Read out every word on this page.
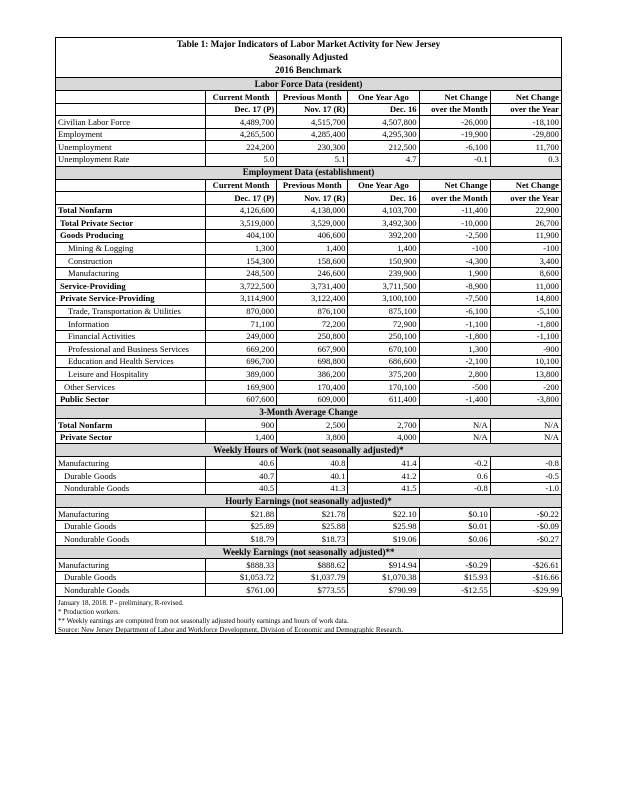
Table 1: Major Indicators of Labor Market Activity for New Jersey					
Seasonally Adjusted					
2016 Benchmark					
Labor Force Data (resident)					
	Current Month	Previous Month	One Year Ago	Net Change	Net Change
	Dec. 17 (P)	Nov. 17 (R)	Dec. 16	over the Month	over the Year
Civilian Labor Force	4,489,700	4,515,700	4,507,800	-26,000	-18,100
Employment	4,265,500	4,285,400	4,295,300	-19,900	-29,800
Unemployment	224,200	230,300	212,500	-6,100	11,700
Unemployment Rate	5.0	5.1	4.7	-0.1	0.3
Employment Data (establishment)					
	Current Month	Previous Month	One Year Ago	Net Change	Net Change
	Dec. 17 (P)	Nov. 17 (R)	Dec. 16	over the Month	over the Year
Total Nonfarm	4,126,600	4,138,000	4,103,700	-11,400	22,900
Total Private Sector	3,519,000	3,529,000	3,492,300	-10,000	26,700
Goods Producing	404,100	406,600	392,200	-2,500	11,900
Mining & Logging	1,300	1,400	1,400	-100	-100
Construction	154,300	158,600	150,900	-4,300	3,400
Manufacturing	248,500	246,600	239,900	1,900	8,600
Service-Providing	3,722,500	3,731,400	3,711,500	-8,900	11,000
Private Service-Providing	3,114,900	3,122,400	3,100,100	-7,500	14,800
Trade, Transportation & Utilities	870,000	876,100	875,100	-6,100	-5,100
Information	71,100	72,200	72,900	-1,100	-1,800
Financial Activities	249,000	250,800	250,100	-1,800	-1,100
Professional and Business Services	669,200	667,900	670,100	1,300	-900
Education and Health Services	696,700	698,800	686,600	-2,100	10,100
Leisure and Hospitality	389,000	386,200	375,200	2,800	13,800
Other Services	169,900	170,400	170,100	-500	-200
Public Sector	607,600	609,000	611,400	-1,400	-3,800
3-Month Average Change					
Total Nonfarm	900	2,500	2,700	N/A	N/A
Private Sector	1,400	3,800	4,000	N/A	N/A
Weekly Hours of Work (not seasonally adjusted)*					
Manufacturing	40.6	40.8	41.4	-0.2	-0.8
Durable Goods	40.7	40.1	41.2	0.6	-0.5
Nondurable Goods	40.5	41.3	41.5	-0.8	-1.0
Hourly Earnings (not seasonally adjusted)*					
Manufacturing	$21.88	$21.78	$22.10	$0.10	-$0.22
Durable Goods	$25.89	$25.88	$25.98	$0.01	-$0.09
Nondurable Goods	$18.79	$18.73	$19.06	$0.06	-$0.27
Weekly Earnings (not seasonally adjusted)**					
Manufacturing	$888.33	$888.62	$914.94	-$0.29	-$26.61
Durable Goods	$1,053.72	$1,037.79	$1,070.38	$15.93	-$16.66
Nondurable Goods	$761.00	$773.55	$790.99	-$12.55	-$29.99
January 18, 2018. P - preliminary, R-revised.
* Production workers.
** Weekly earnings are computed from not seasonally adjusted hourly earnings and hours of work data.
Source: New Jersey Department of Labor and Workforce Development, Division of Economic and Demographic Research.
